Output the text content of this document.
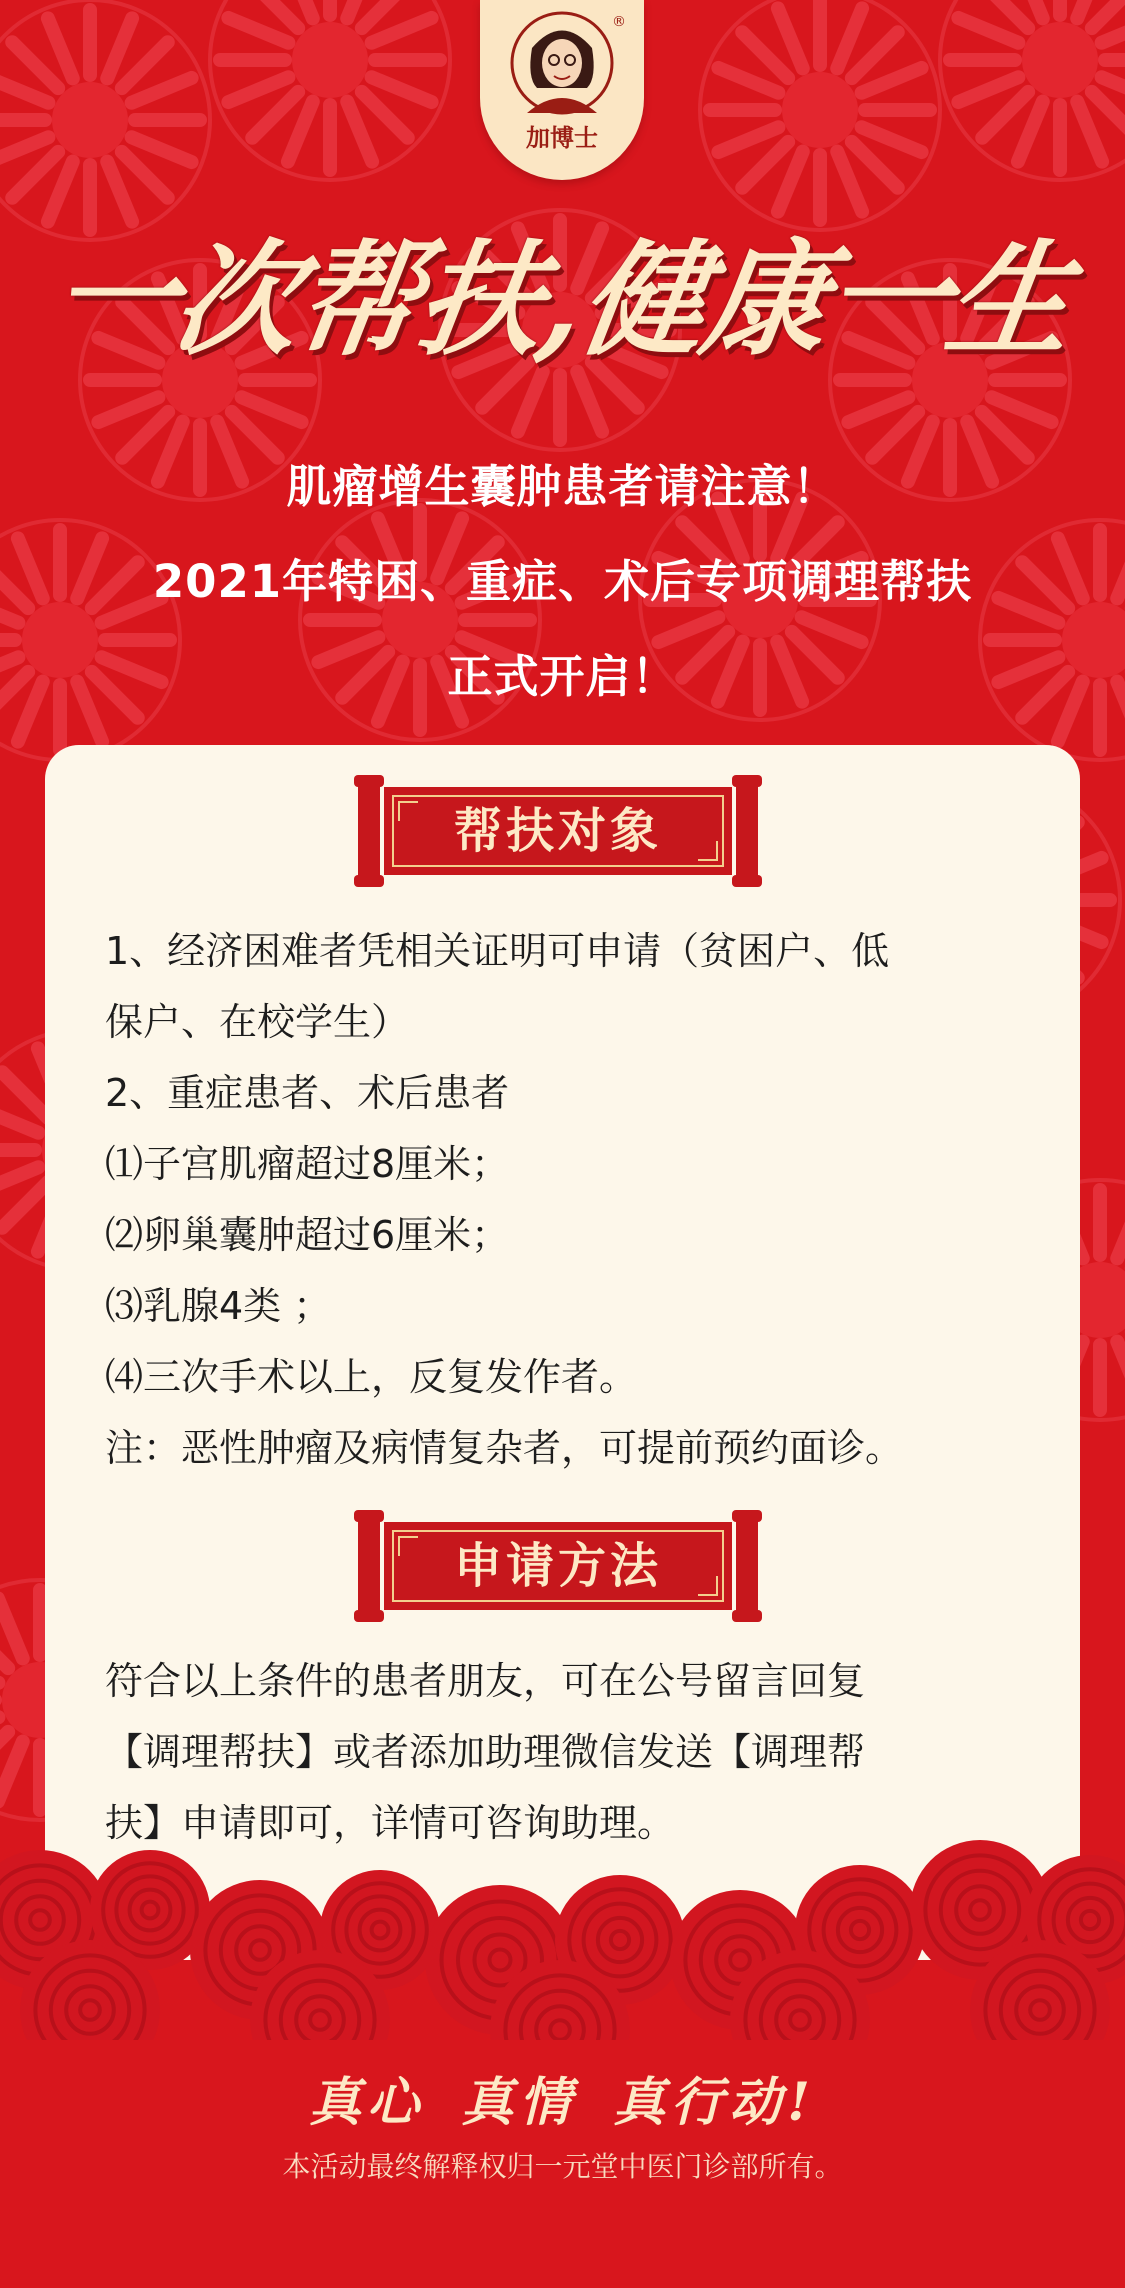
®
加博士
一次帮扶,健康一生
肌瘤增生囊肿患者请注意！
2021年特困、重症、术后专项调理帮扶
正式开启！
帮扶对象
1、经济困难者凭相关证明可申请（贫困户、低
保户、在校学生）
2、重症患者、术后患者
⑴子宫肌瘤超过8厘米；
⑵卵巢囊肿超过6厘米；
⑶乳腺4类 ；
⑷三次手术以上，反复发作者。
注：恶性肿瘤及病情复杂者，可提前预约面诊。
申请方法
符合以上条件的患者朋友，可在公号留言回复
【调理帮扶】或者添加助理微信发送【调理帮
扶】申请即可，详情可咨询助理。
真心 真情 真行动!
本活动最终解释权归一元堂中医门诊部所有。
